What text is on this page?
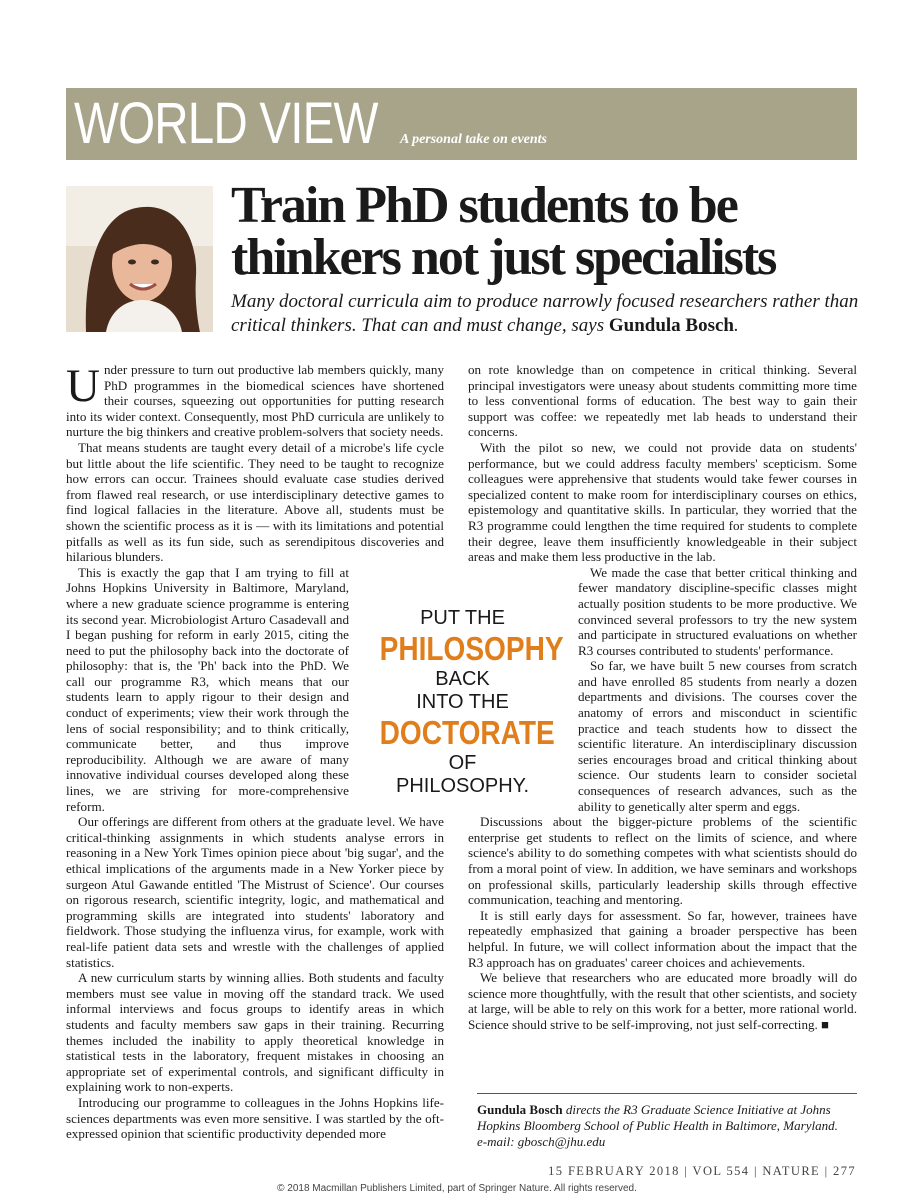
WORLD VIEW A personal take on events
Train PhD students to be thinkers not just specialists

Many doctoral curricula aim to produce narrowly focused researchers rather than critical thinkers. That can and must change, says Gundula Bosch.

Under pressure to turn out productive lab members quickly, many PhD programmes in the biomedical sciences have shortened their courses, squeezing out opportunities for putting research into its wider context. Consequently, most PhD curricula are unlikely to nurture the big thinkers and creative problem-solvers that society needs.

That means students are taught every detail of a microbe's life cycle but little about the life scientific. They need to be taught to recognize how errors can occur. Trainees should evaluate case studies derived from flawed real research, or use interdisciplinary detective games to find logical fallacies in the literature. Above all, students must be shown the scientific process as it is — with its limitations and potential pitfalls as well as its fun side, such as serendipitous discoveries and hilarious blunders.

This is exactly the gap that I am trying to fill at Johns Hopkins University in Baltimore, Maryland, where a new graduate science programme is entering its second year. Microbiologist Arturo Casadevall and I began pushing for reform in early 2015, citing the need to put the philosophy back into the doctorate of philosophy: that is, the 'Ph' back into the PhD. We call our programme R3, which means that our students learn to apply rigour to their design and conduct of experiments; view their work through the lens of social responsibility; and to think critically, communicate better, and thus improve reproducibility. Although we are aware of many innovative individual courses developed along these lines, we are striving for more-comprehensive reform.

Our offerings are different from others at the graduate level. We have critical-thinking assignments in which students analyse errors in reasoning in a New York Times opinion piece about 'big sugar', and the ethical implications of the arguments made in a New Yorker piece by surgeon Atul Gawande entitled 'The Mistrust of Science'. Our courses on rigorous research, scientific integrity, logic, and mathematical and programming skills are integrated into students' laboratory and fieldwork. Those studying the influenza virus, for example, work with real-life patient data sets and wrestle with the challenges of applied statistics.

A new curriculum starts by winning allies. Both students and faculty members must see value in moving off the standard track. We used informal interviews and focus groups to identify areas in which students and faculty members saw gaps in their training. Recurring themes included the inability to apply theoretical knowledge in statistical tests in the laboratory, frequent mistakes in choosing an appropriate set of experimental controls, and significant difficulty in explaining work to non-experts.

Introducing our programme to colleagues in the Johns Hopkins life-sciences departments was even more sensitive. I was startled by the oft-expressed opinion that scientific productivity depended more

PUT THE
PHILOSOPHY
BACK
INTO THE
DOCTORATE
OF
PHILOSOPHY.

on rote knowledge than on competence in critical thinking. Several principal investigators were uneasy about students committing more time to less conventional forms of education. The best way to gain their support was coffee: we repeatedly met lab heads to understand their concerns.

With the pilot so new, we could not provide data on students' performance, but we could address faculty members' scepticism. Some colleagues were apprehensive that students would take fewer courses in specialized content to make room for interdisciplinary courses on ethics, epistemology and quantitative skills. In particular, they worried that the R3 programme could lengthen the time required for students to complete their degree, leave them insufficiently knowledgeable in their subject areas and make them less productive in the lab.

We made the case that better critical thinking and fewer mandatory discipline-specific classes might actually position students to be more productive. We convinced several professors to try the new system and participate in structured evaluations on whether R3 courses contributed to students' performance.

So far, we have built 5 new courses from scratch and have enrolled 85 students from nearly a dozen departments and divisions. The courses cover the anatomy of errors and misconduct in scientific practice and teach students how to dissect the scientific literature. An interdisciplinary discussion series encourages broad and critical thinking about science. Our students learn to consider societal consequences of research advances, such as the ability to genetically alter sperm and eggs.

Discussions about the bigger-picture problems of the scientific enterprise get students to reflect on the limits of science, and where science's ability to do something competes with what scientists should do from a moral point of view. In addition, we have seminars and workshops on professional skills, particularly leadership skills through effective communication, teaching and mentoring.

It is still early days for assessment. So far, however, trainees have repeatedly emphasized that gaining a broader perspective has been helpful. In future, we will collect information about the impact that the R3 approach has on graduates' career choices and achievements.

We believe that researchers who are educated more broadly will do science more thoughtfully, with the result that other scientists, and society at large, will be able to rely on this work for a better, more rational world. Science should strive to be self-improving, not just self-correcting. ■

Gundula Bosch directs the R3 Graduate Science Initiative at Johns Hopkins Bloomberg School of Public Health in Baltimore, Maryland.
e-mail: gbosch@jhu.edu

15 FEBRUARY 2018 | VOL 554 | NATURE | 277
© 2018 Macmillan Publishers Limited, part of Springer Nature. All rights reserved.
